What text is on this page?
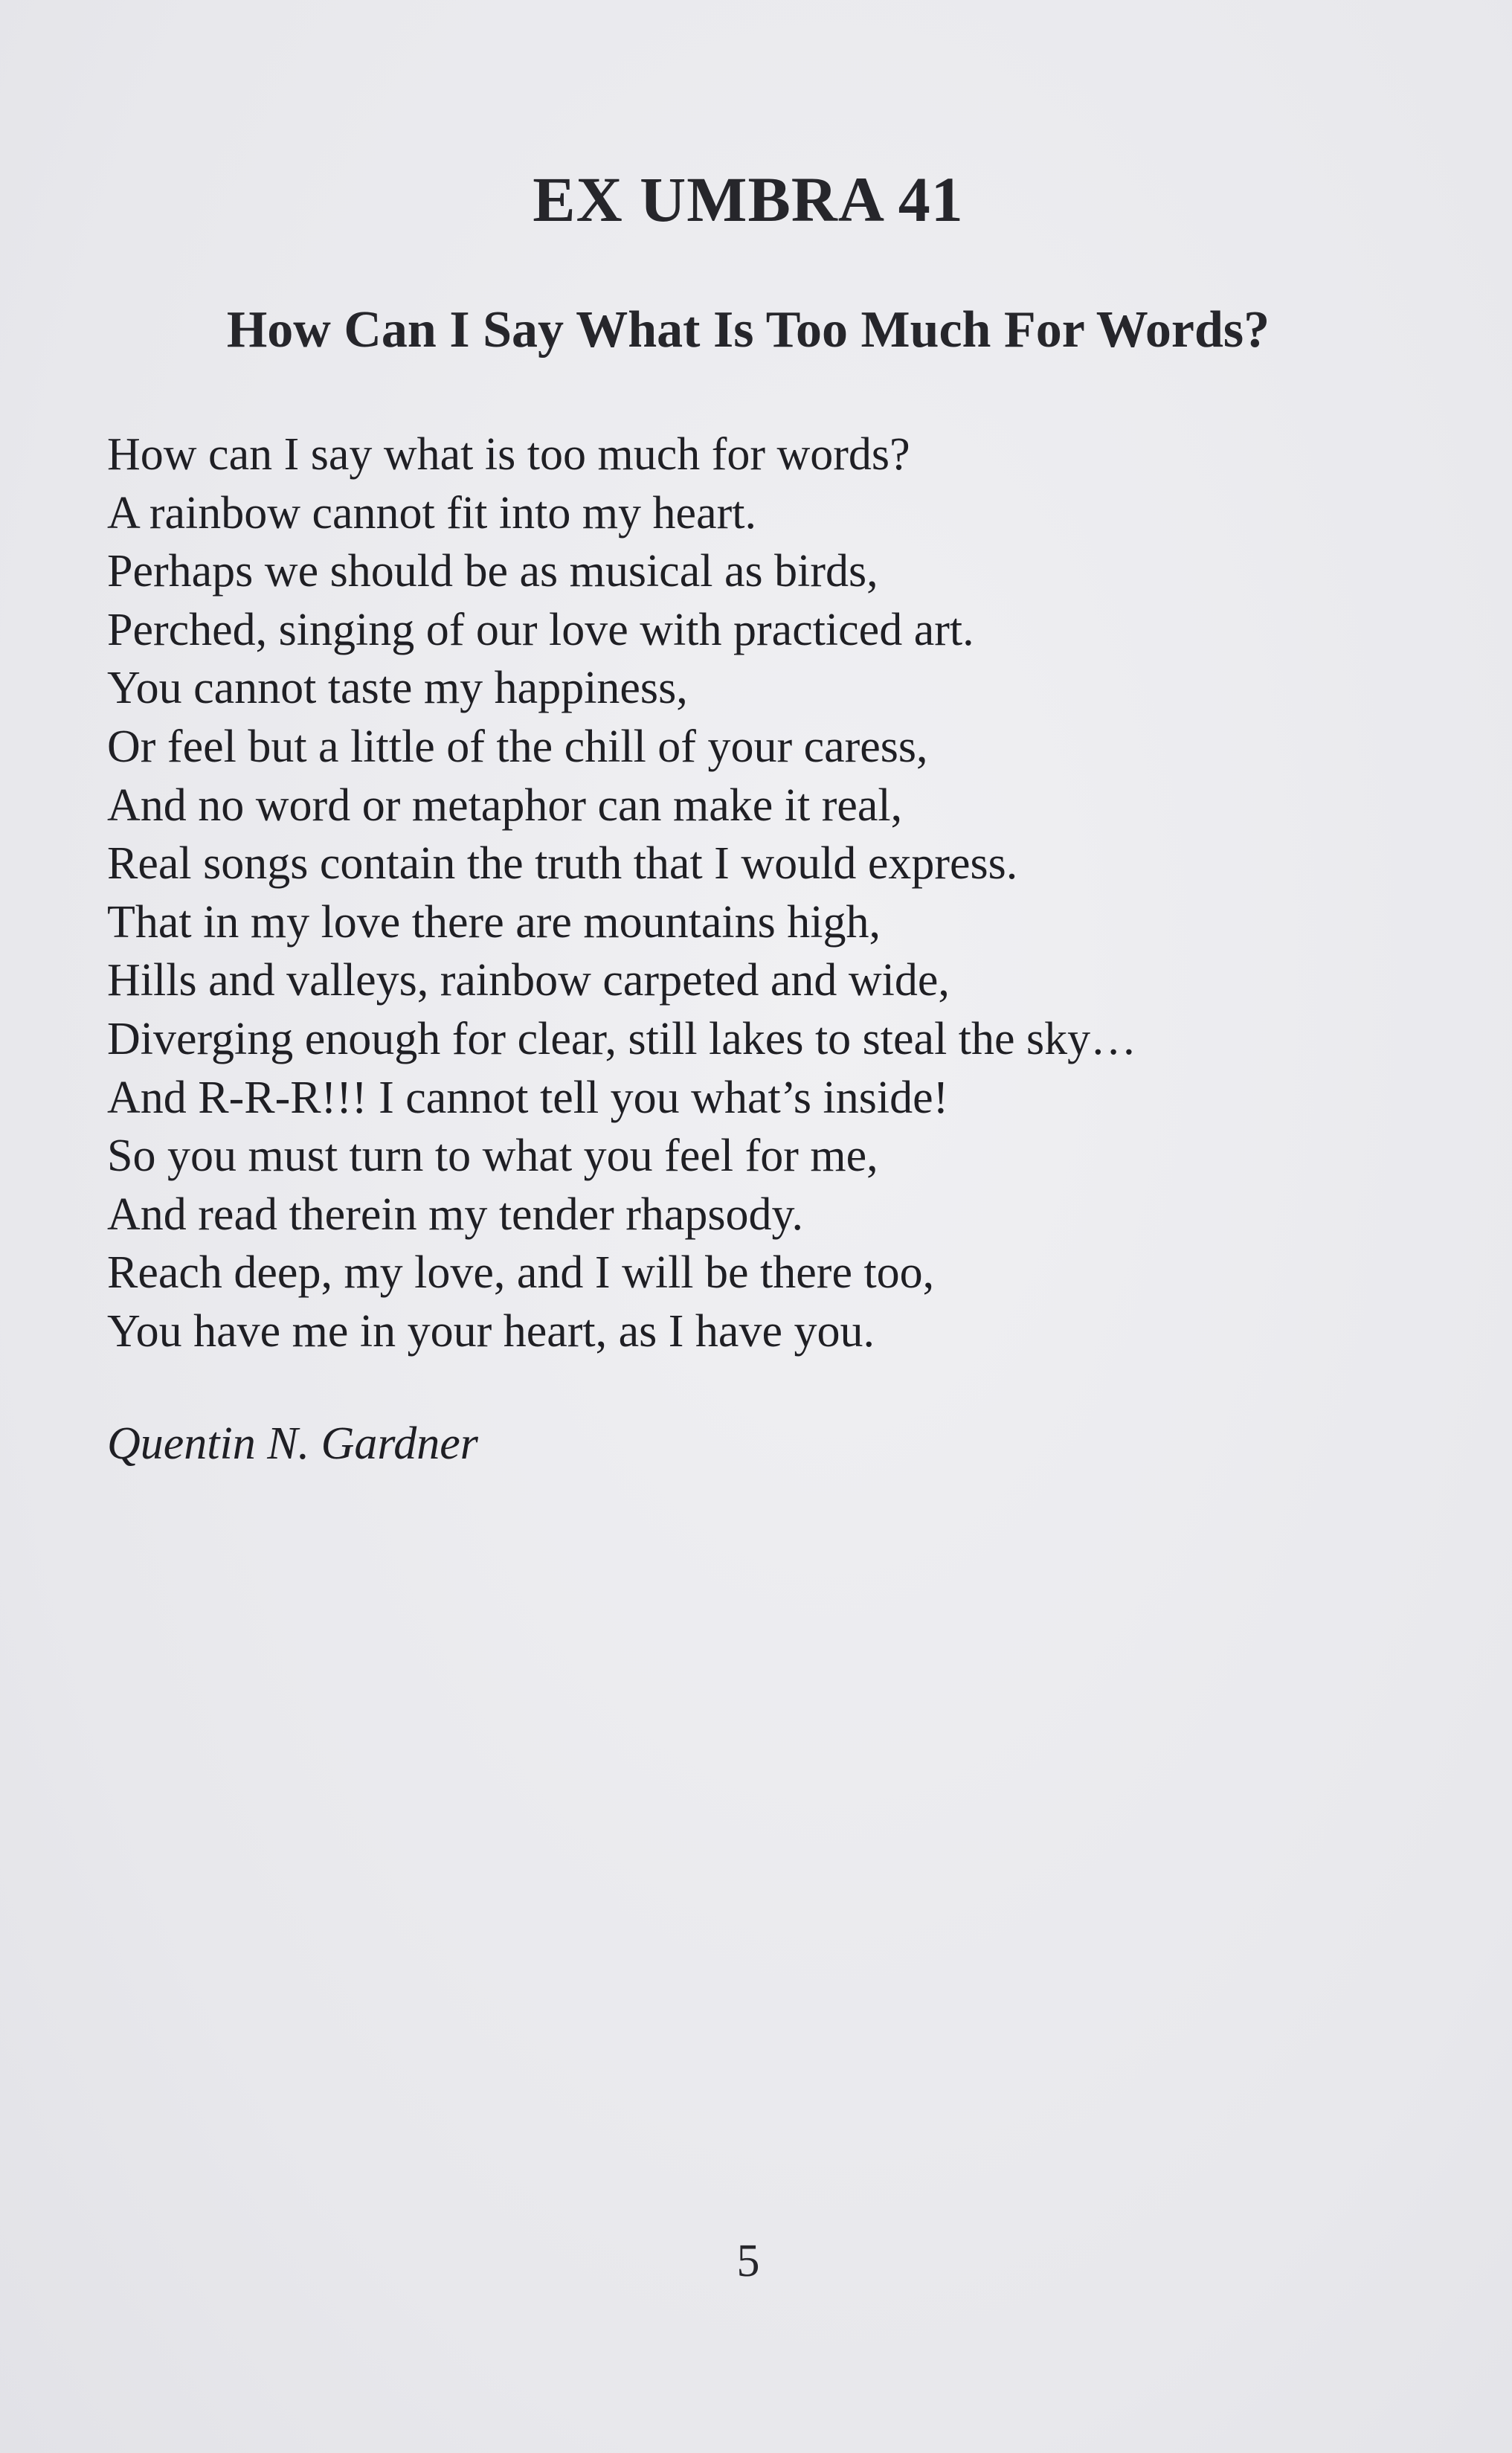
EX UMBRA 41
How Can I Say What Is Too Much For Words?
How can I say what is too much for words?
A rainbow cannot fit into my heart.
Perhaps we should be as musical as birds,
Perched, singing of our love with practiced art.
You cannot taste my happiness,
Or feel but a little of the chill of your caress,
And no word or metaphor can make it real,
Real songs contain the truth that I would express.
That in my love there are mountains high,
Hills and valleys, rainbow carpeted and wide,
Diverging enough for clear, still lakes to steal the sky…
And R-R-R!!! I cannot tell you what’s inside!
So you must turn to what you feel for me,
And read therein my tender rhapsody.
Reach deep, my love, and I will be there too,
You have me in your heart, as I have you.

Quentin N. Gardner

5
